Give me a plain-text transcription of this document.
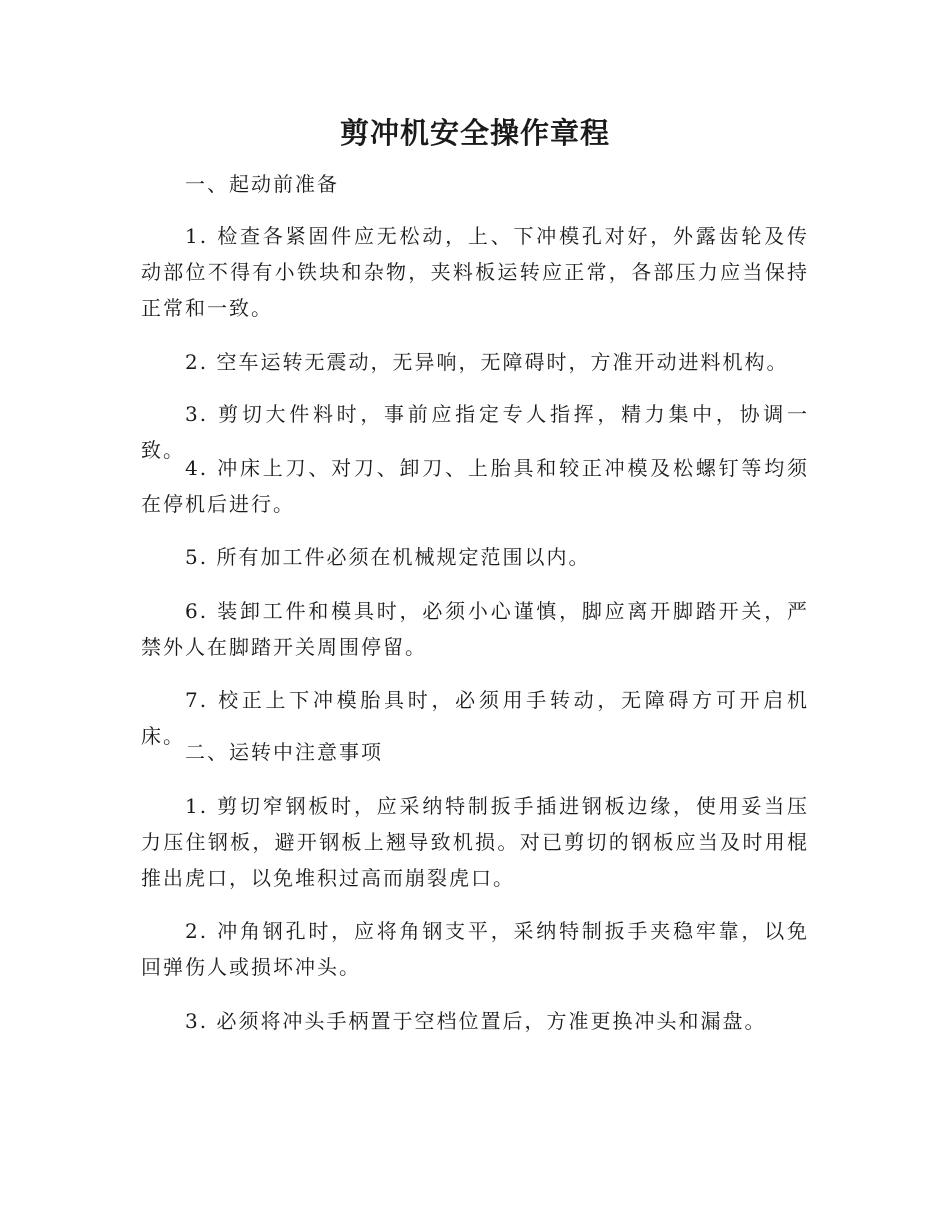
剪冲机安全操作章程

一、起动前准备

1. 检查各紧固件应无松动，上、下冲模孔对好，外露齿轮及传动部位不得有小铁块和杂物，夹料板运转应正常，各部压力应当保持正常和一致。

2. 空车运转无震动，无异响，无障碍时，方准开动进料机构。

3. 剪切大件料时，事前应指定专人指挥，精力集中，协调一致。

4. 冲床上刀、对刀、卸刀、上胎具和较正冲模及松螺钉等均须在停机后进行。

5. 所有加工件必须在机械规定范围以内。

6. 装卸工件和模具时，必须小心谨慎，脚应离开脚踏开关，严禁外人在脚踏开关周围停留。

7. 校正上下冲模胎具时，必须用手转动，无障碍方可开启机床。

二、运转中注意事项

1. 剪切窄钢板时，应采纳特制扳手插进钢板边缘，使用妥当压力压住钢板，避开钢板上翘导致机损。对已剪切的钢板应当及时用棍推出虎口，以免堆积过高而崩裂虎口。

2. 冲角钢孔时，应将角钢支平，采纳特制扳手夹稳牢靠，以免回弹伤人或损坏冲头。

3. 必须将冲头手柄置于空档位置后，方准更换冲头和漏盘。
